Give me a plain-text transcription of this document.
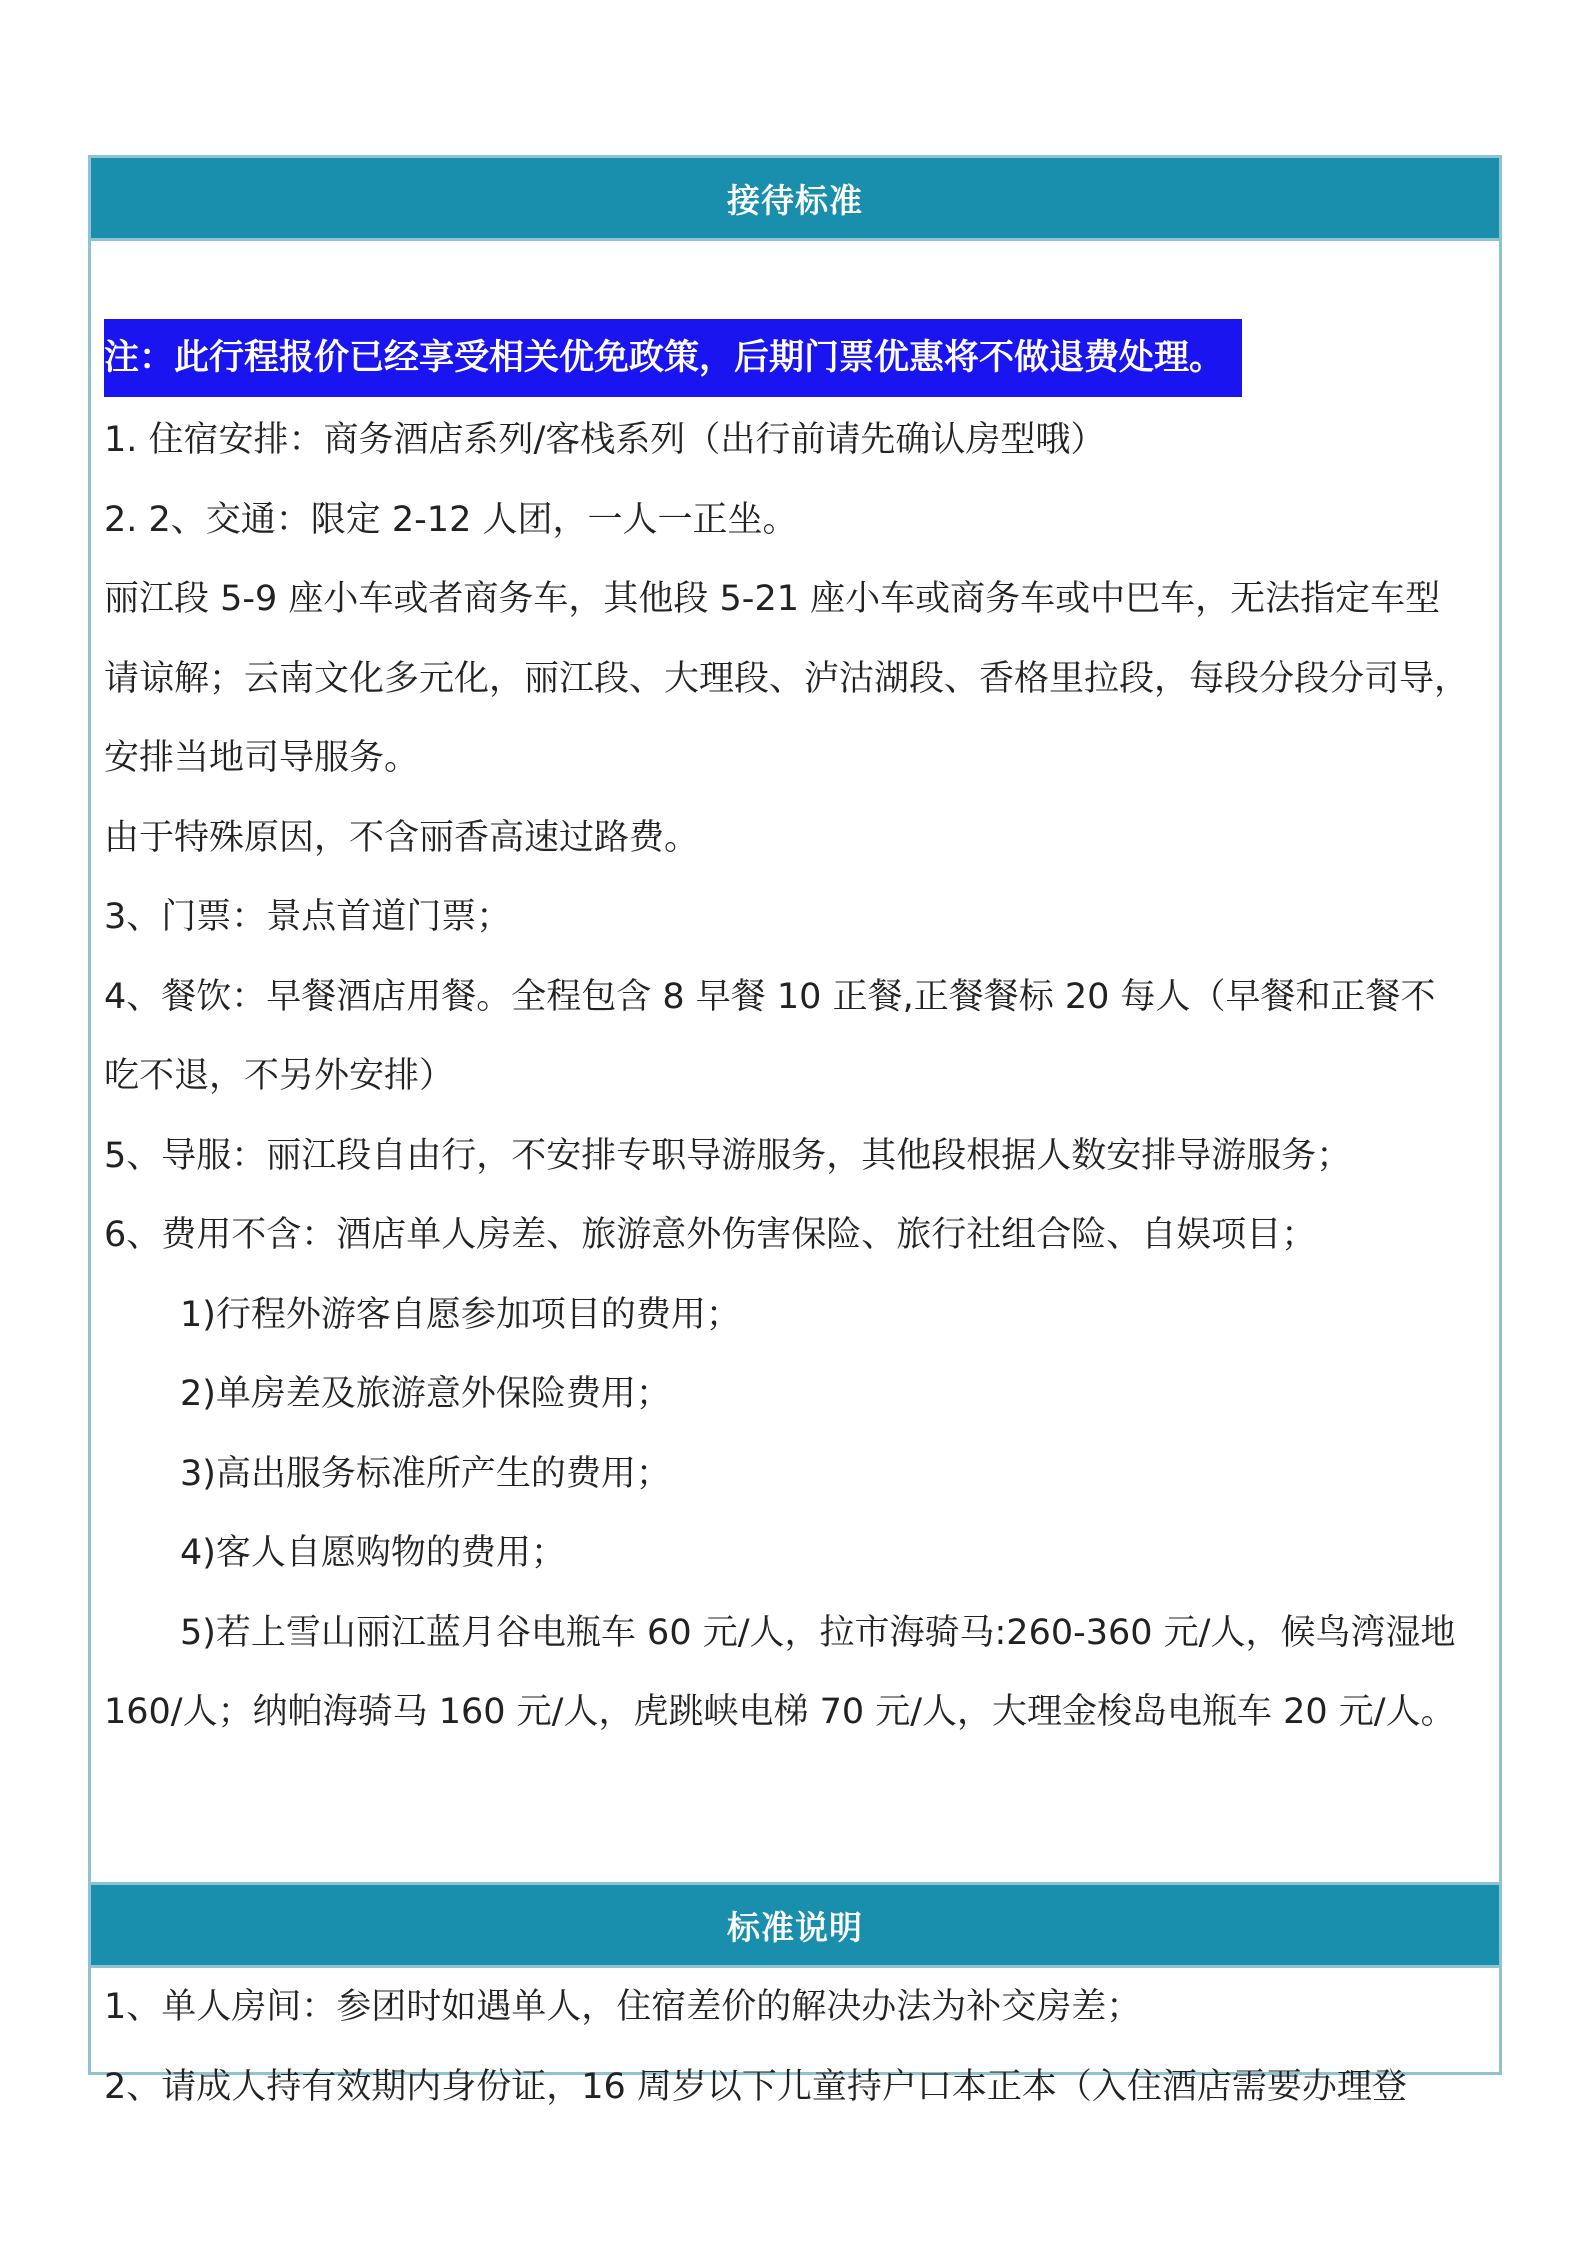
接待标准
注：此行程报价已经享受相关优免政策，后期门票优惠将不做退费处理。
1. 住宿安排：商务酒店系列/客栈系列（出行前请先确认房型哦）
2. 2、交通：限定 2-12 人团，一人一正坐。
丽江段 5-9 座小车或者商务车，其他段 5-21 座小车或商务车或中巴车，无法指定车型
请谅解；云南文化多元化，丽江段、大理段、泸沽湖段、香格里拉段，每段分段分司导，
安排当地司导服务。
由于特殊原因，不含丽香高速过路费。
3、门票：景点首道门票；
4、餐饮：早餐酒店用餐。全程包含 8 早餐 10 正餐,正餐餐标 20 每人（早餐和正餐不
吃不退，不另外安排）
5、导服：丽江段自由行，不安排专职导游服务，其他段根据人数安排导游服务；
6、费用不含：酒店单人房差、旅游意外伤害保险、旅行社组合险、自娱项目；
1)行程外游客自愿参加项目的费用；
2)单房差及旅游意外保险费用；
3)高出服务标准所产生的费用；
4)客人自愿购物的费用；
5)若上雪山丽江蓝月谷电瓶车 60 元/人，拉市海骑马:260-360 元/人，候鸟湾湿地
160/人；纳帕海骑马 160 元/人，虎跳峡电梯 70 元/人，大理金梭岛电瓶车 20 元/人。
标准说明
1、单人房间：参团时如遇单人，住宿差价的解决办法为补交房差；
2、请成人持有效期内身份证，16 周岁以下儿童持户口本正本（入住酒店需要办理登
